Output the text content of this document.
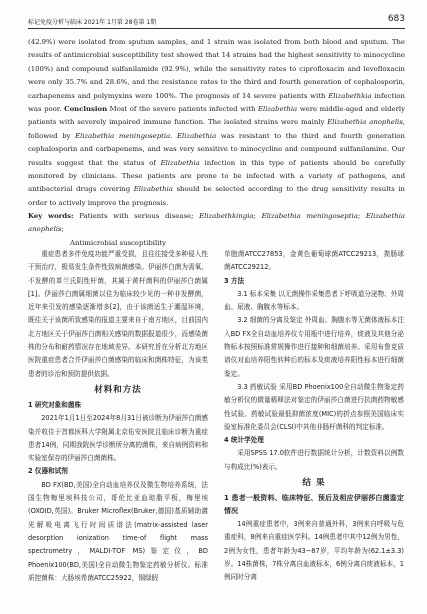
标记免疫分析与临床 2021年 1月第 28卷第 1期	683

(42.9%) were isolated from sputum samples, and 1 strain was isolated from both blood and sputum. The results of antimicrobial susceptibility test showed that 14 strains had the highest sensitivity to minocycline (100%) and compound sulfanilamide (92.9%), while the sensitivity rates to ciprofloxacin and levofloxacin were only 35.7% and 28.6%, and the resistance rates to the third and fourth generation of cephalosporin, carbapenems and polymyxins were 100%. The prognosis of 14 severe patients with Elizabethkia infection was poor. Conclusion Most of the severe patients infected with Elizabethia were middle-aged and elderly patients with severely impaired immune function. The isolated strains were mainly Elizabethia anophelis, followed by Elizabethia meningoseptia. Elizabethia was resistant to the third and fourth generation cephalosporin and carbapenems, and was very sensitive to minocycline and compound sulfanilamine. Our results suggest that the status of Elizabethia infection in this type of patients should be carefully monitored by clinicians. These patients are prone to be infected with a variety of pathogens, and antibacterial drugs covering Elizabethia should be selected according to the drug sensitivity results in order to actively improve the prognosis.

Key words: Patients with serious disease; Elizabethkingia; Elizabethia meningoseptia; Elizabethia anophelis;
Antimicrobial susceptibility

重症患者多伴免疫功能严重受损，且往往接受多种侵入性干预治疗，极易发生条件性致病菌感染。伊丽莎白菌为需氧、不发酵的革兰氏阴性杆菌，其属于黄杆菌科的伊丽莎白菌属[1]。伊丽莎白菌属细菌以往为临床较少见的一种非发酵菌，近年来引发的感染逐渐增多[2]，由于该菌适生于潮湿环境，既往关于该菌所致感染的报道主要来自于南方地区，目前国内北方地区关于伊丽莎白菌相关感染的数据报道很少，而感染菌株的分布和耐药情况存在地域差异。本研究旨在分析北方地区医院重症患者合并伊丽莎白菌感染的临床和菌株特征，为该类患者的诊治和预防提供依据。

材料和方法

1 研究对象和菌株

2021年1月1日至2024年8月31日被诊断为伊丽莎白菌感染并收住于首都医科大学附属北京佑安医院且临床诊断为重症患者14例，同期我院医学诊断所分离的菌株，来自病例资料和实验室保存的伊丽莎白菌菌株。

2 仪器和试剂

BD FX(BD,美国)全自动血培养仪及微生物培养系统，法国生物梅里埃科技公司，哥伦比亚血琼脂平板，梅里埃(OXOID,英国)。Bruker Microflex(Bruker,德国)基质辅助激光解吸电离飞行时间质谱法(matrix-assisted laser desorption ionization time-of flight mass spectrometry，MALDI-TOF MS)鉴定仪，BD Phoenix100(BD,美国)全自动微生物鉴定药敏分析仪。标准质控菌株：大肠埃希菌ATCC25922，铜绿假

单胞菌ATCC27853，金黄色葡萄球菌ATCC29213，粪肠球菌ATCC29212。

3 方法

3.1 标本采集 以无菌操作采集患者下呼吸道分泌物、外周血、尿液、胸腹水等标本。

3.2 细菌的分离及鉴定 外周血、胸腹水等无菌体液标本注入BD FX全自动血培养仪专用瓶中进行培养，痰液及其他分泌物标本按照标准常规操作进行接种和细菌培养。采用布鲁克质谱仪对血培养阳性转种后的标本及痰液培养阳性标本进行细菌鉴定。

3.3 药敏试验 采用BD Phoenix100全自动微生物鉴定药敏分析仪的微量稀释法对鉴定的伊丽莎白菌进行抗菌药物敏感性试验。药敏试验最低抑菌浓度(MIC)的折点参照美国临床实验室标准化委员会(CLSI)中其他非肠杆菌科的判定标准。

4 统计学处理

采用SPSS 17.0软件进行数据统计分析，计数资料以例数与构成比(%)表示。

结 果

1 患者一般资料、临床特征、预后及相应伊丽莎白菌鉴定情况

14例重症患者中，3例来自普通外科，3例来自呼吸与危重症科，8例来自重症医学科。14例患者中其中12例为男性，2例为女性，患者年龄为43~87岁，平均年龄为(62.1±3.3)岁。14株菌株，7株分离自血液标本，6例分离自痰液标本，1例同时分离
